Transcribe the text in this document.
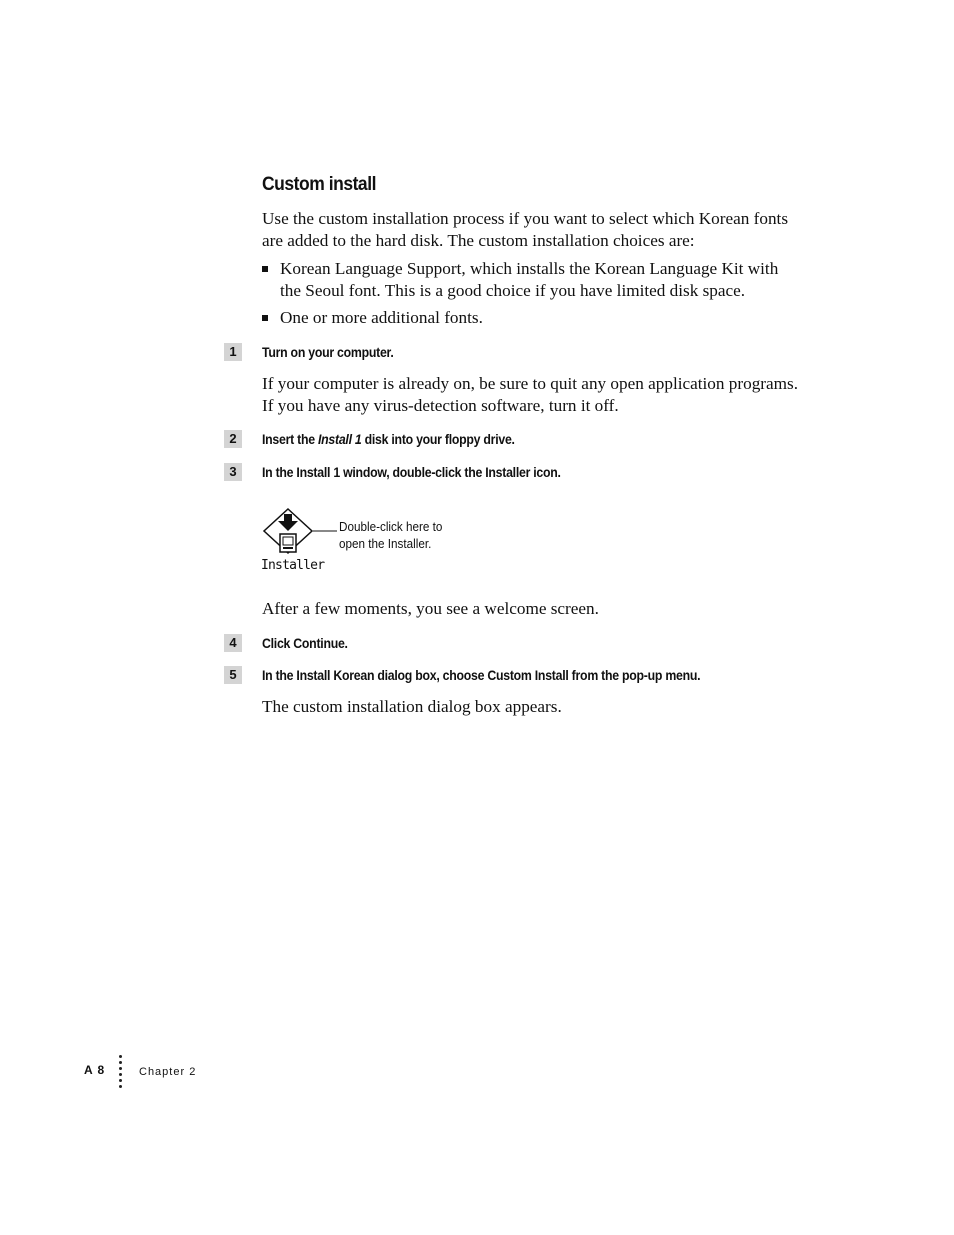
Custom install
Use the custom installation process if you want to select which Korean fonts
are added to the hard disk. The custom installation choices are:
Korean Language Support, which installs the Korean Language Kit with
the Seoul font. This is a good choice if you have limited disk space.
One or more additional fonts.
1	Turn on your computer.
If your computer is already on, be sure to quit any open application programs.
If you have any virus-detection software, turn it off.
2	Insert the Install 1 disk into your floppy drive.
3	In the Install 1 window, double-click the Installer icon.
Installer
Double-click here to
open the Installer.
After a few moments, you see a welcome screen.
4	Click Continue.
5	In the Install Korean dialog box, choose Custom Install from the pop-up menu.
The custom installation dialog box appears.
A 8	Chapter 2
